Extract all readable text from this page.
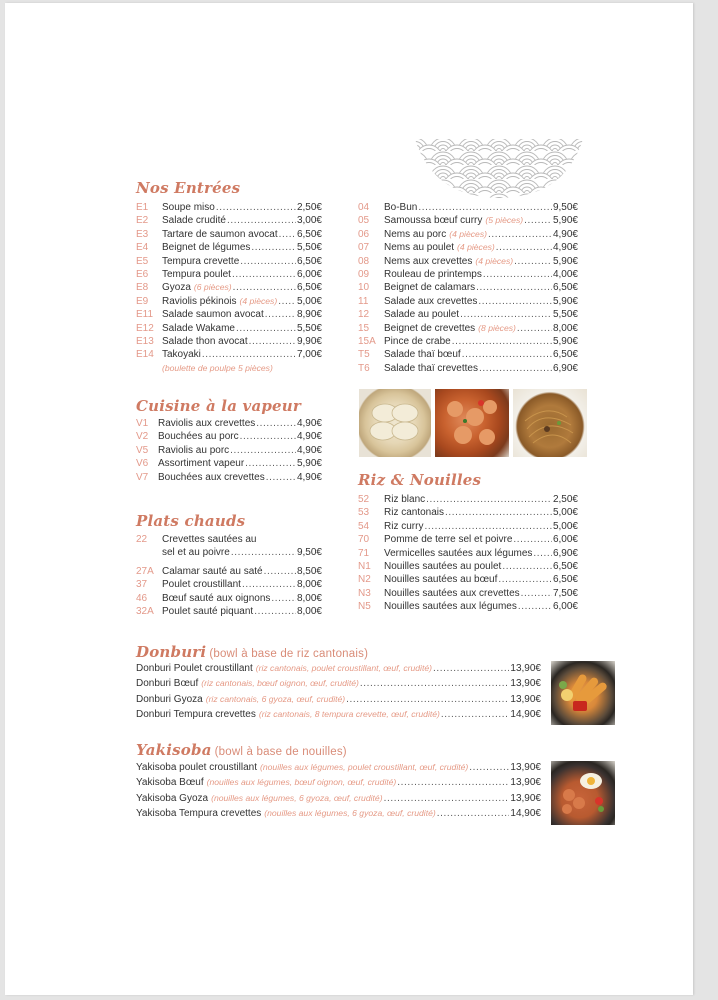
Nos Entrées
E1	Soupe miso .....	2,50€
E2	Salade crudité .....	3,00€
E3	Tartare de saumon avocat ..... 6,50€
E4	Beignet de légumes .....	5,50€
E5	Tempura crevette .....	6,50€
E6	Tempura poulet .....	6,00€
E8	Gyoza (6 pièces) .....	6,50€
E9	Raviolis pékinois (4 pièces) ..... 5,00€
E11 Salade saumon avocat .....	8,90€
E12 Salade Wakame .....	5,50€
E13 Salade thon avocat .....	9,90€
E14 Takoyaki .....	7,00€
(boulette de poulpe 5 pièces)
04	Bo-Bun .....	9,50€
05	Samoussa bœuf curry (5 pièces) .....	5,90€
06	Nems au porc (4 pièces) .....	4,90€
07	Nems au poulet (4 pièces) .....	4,90€
08	Nems aux crevettes (4 pièces) .....	5,90€
09	Rouleau de printemps .....	4,00€
10	Beignet de calamars .....	6,50€
11	Salade aux crevettes .....	5,90€
12	Salade au poulet .....	5,50€
15	Beignet de crevettes (8 pièces) .....	8,00€
15A Pince de crabe .....	5,90€
T5	Salade thaï bœuf .....	6,50€
T6	Salade thaï crevettes .....	6,90€
Cuisine à la vapeur
V1 Raviolis aux crevettes .....	4,90€
V2 Bouchées au porc .....	4,90€
V5 Raviolis au porc .....	4,90€
V6 Assortiment vapeur .....	5,90€
V7 Bouchées aux crevettes .....	4,90€
Plats chauds
22	Crevettes sautées au
sel et au poivre .....	9,50€
27A Calamar sauté au saté .....	8,50€
37	Poulet croustillant .....	8,00€
46	Bœuf sauté aux oignons .....	8,00€
32A Poulet sauté piquant .....	8,00€
Riz & Nouilles
52	Riz blanc .....	2,50€
53	Riz cantonais .....	5,00€
54	Riz curry .....	5,00€
70	Pomme de terre sel et poivre .....	6,00€
71	Vermicelles sautées aux légumes ..... 6,90€
N1	Nouilles sautées au poulet .....	6,50€
N2	Nouilles sautées au bœuf .....	6,50€
N3	Nouilles sautées aux crevettes .....	7,50€
N5	Nouilles sautées aux légumes .....	6,00€
Donburi (bowl à base de riz cantonais)
Donburi Poulet croustillant (riz cantonais, poulet croustillant, œuf, crudité) .....	13,90€
Donburi Bœuf (riz cantonais, bœuf oignon, œuf, crudité) .....	13,90€
Donburi Gyoza (riz cantonais, 6 gyoza, œuf, crudité) .....	13,90€
Donburi Tempura crevettes (riz cantonais, 8 tempura crevette, œuf, crudité) .....	14,90€
Yakisoba (bowl à base de nouilles)
Yakisoba poulet croustillant (nouilles aux légumes, poulet croustillant, œuf, crudité) .....	13,90€
Yakisoba Bœuf (nouilles aux légumes, bœuf oignon, œuf, crudité) .....	13,90€
Yakisoba Gyoza (nouilles aux légumes, 6 gyoza, œuf, crudité) .....	13,90€
Yakisoba Tempura crevettes (nouilles aux légumes, 6 gyoza, œuf, crudité) .....	14,90€
